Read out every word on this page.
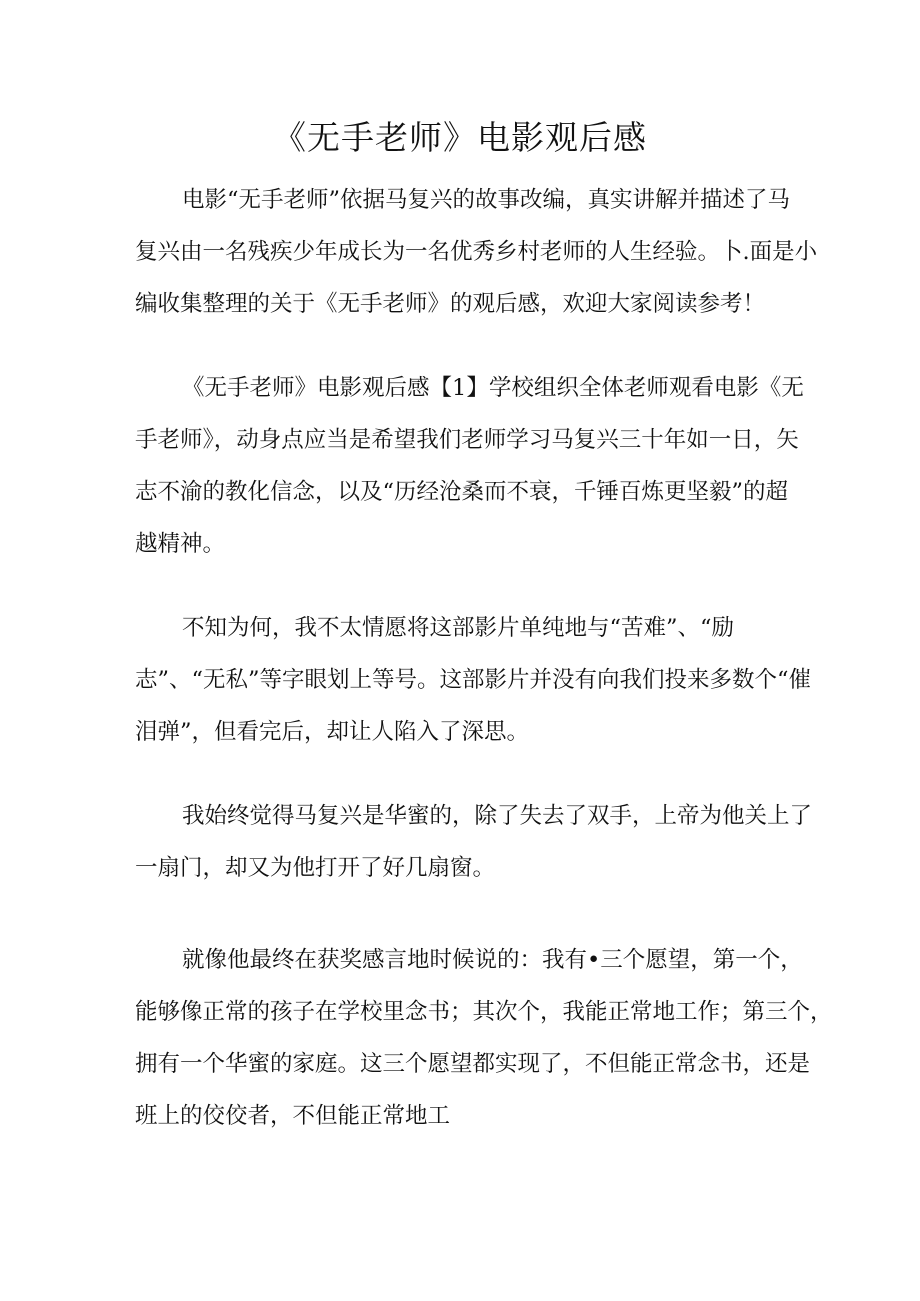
《无手老师》电影观后感
电影“无手老师”依据马复兴的故事改编，真实讲解并描述了马
复兴由一名残疾少年成长为一名优秀乡村老师的人生经验。卜.面是小
编收集整理的关于《无手老师》的观后感，欢迎大家阅读参考！
《无手老师》电影观后感【1】学校组织全体老师观看电影《无
手老师》，动身点应当是希望我们老师学习马复兴三十年如一日，矢
志不渝的教化信念，以及“历经沧桑而不衰，千锤百炼更坚毅”的超
越精神。
不知为何，我不太情愿将这部影片单纯地与“苦难”、“励
志”、“无私”等字眼划上等号。这部影片并没有向我们投来多数个“催
泪弹”，但看完后，却让人陷入了深思。
我始终觉得马复兴是华蜜的，除了失去了双手，上帝为他关上了
一扇门，却又为他打开了好几扇窗。
就像他最终在获奖感言地时候说的：我有•三个愿望，第一个，
能够像正常的孩子在学校里念书；其次个，我能正常地工作；第三个，
拥有一个华蜜的家庭。这三个愿望都实现了，不但能正常念书，还是
班上的佼佼者，不但能正常地工
